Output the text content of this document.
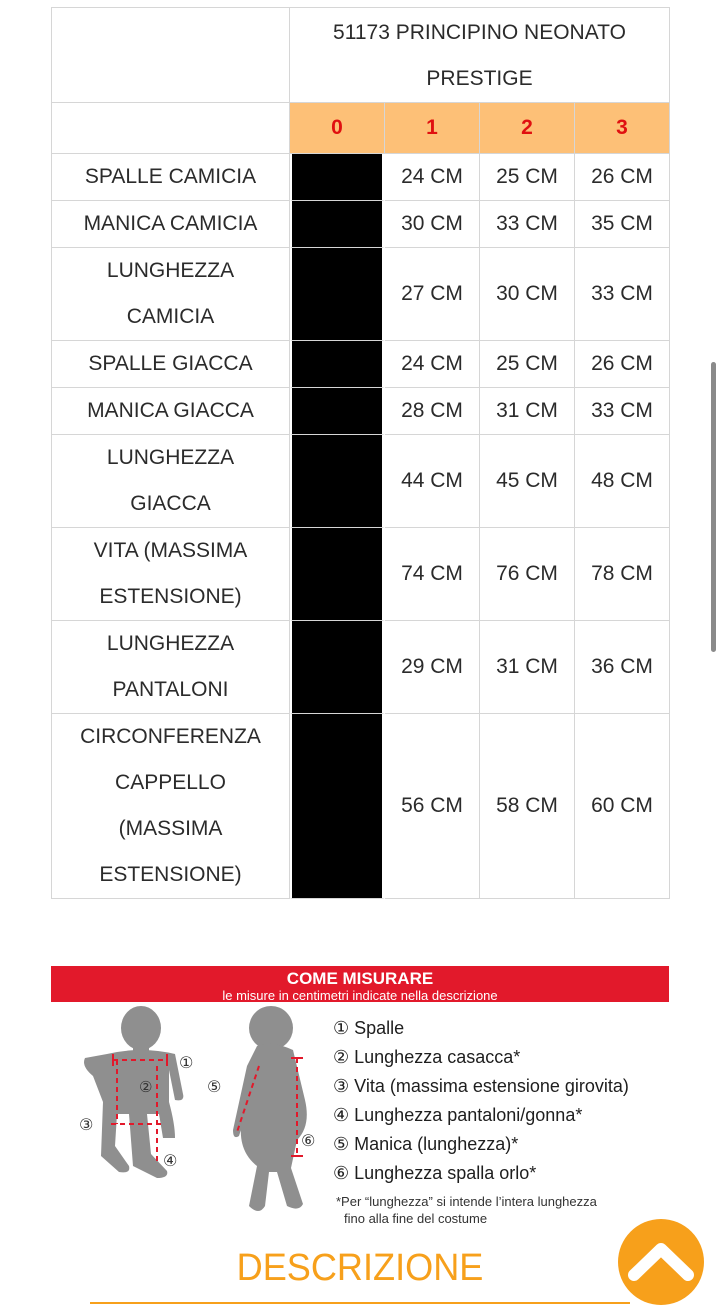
	51173 PRINCIPINO NEONATO
PRESTIGE			

	0	1	2	3

SPALLE CAMICIA		24 CM	25 CM	26 CM

MANICA CAMICIA		30 CM	33 CM	35 CM

LUNGHEZZA
CAMICIA		27 CM	30 CM	33 CM

SPALLE GIACCA		24 CM	25 CM	26 CM

MANICA GIACCA		28 CM	31 CM	33 CM

LUNGHEZZA
GIACCA		44 CM	45 CM	48 CM

VITA (MASSIMA
ESTENSIONE)		74 CM	76 CM	78 CM

LUNGHEZZA
PANTALONI		29 CM	31 CM	36 CM

CIRCONFERENZA
CAPPELLO
(MASSIMA
ESTENSIONE)		56 CM	58 CM	60 CM
COME MISURARE
le misure in centimetri indicate nella descrizione
①
②
③
④
⑤
⑥
① Spalle
② Lunghezza casacca*
③ Vita (massima estensione girovita)
④ Lunghezza pantaloni/gonna*
⑤ Manica (lunghezza)*
⑥ Lunghezza spalla orlo*
*Per “lunghezza” si intende l’intera lunghezza
fino alla fine del costume
DESCRIZIONE
